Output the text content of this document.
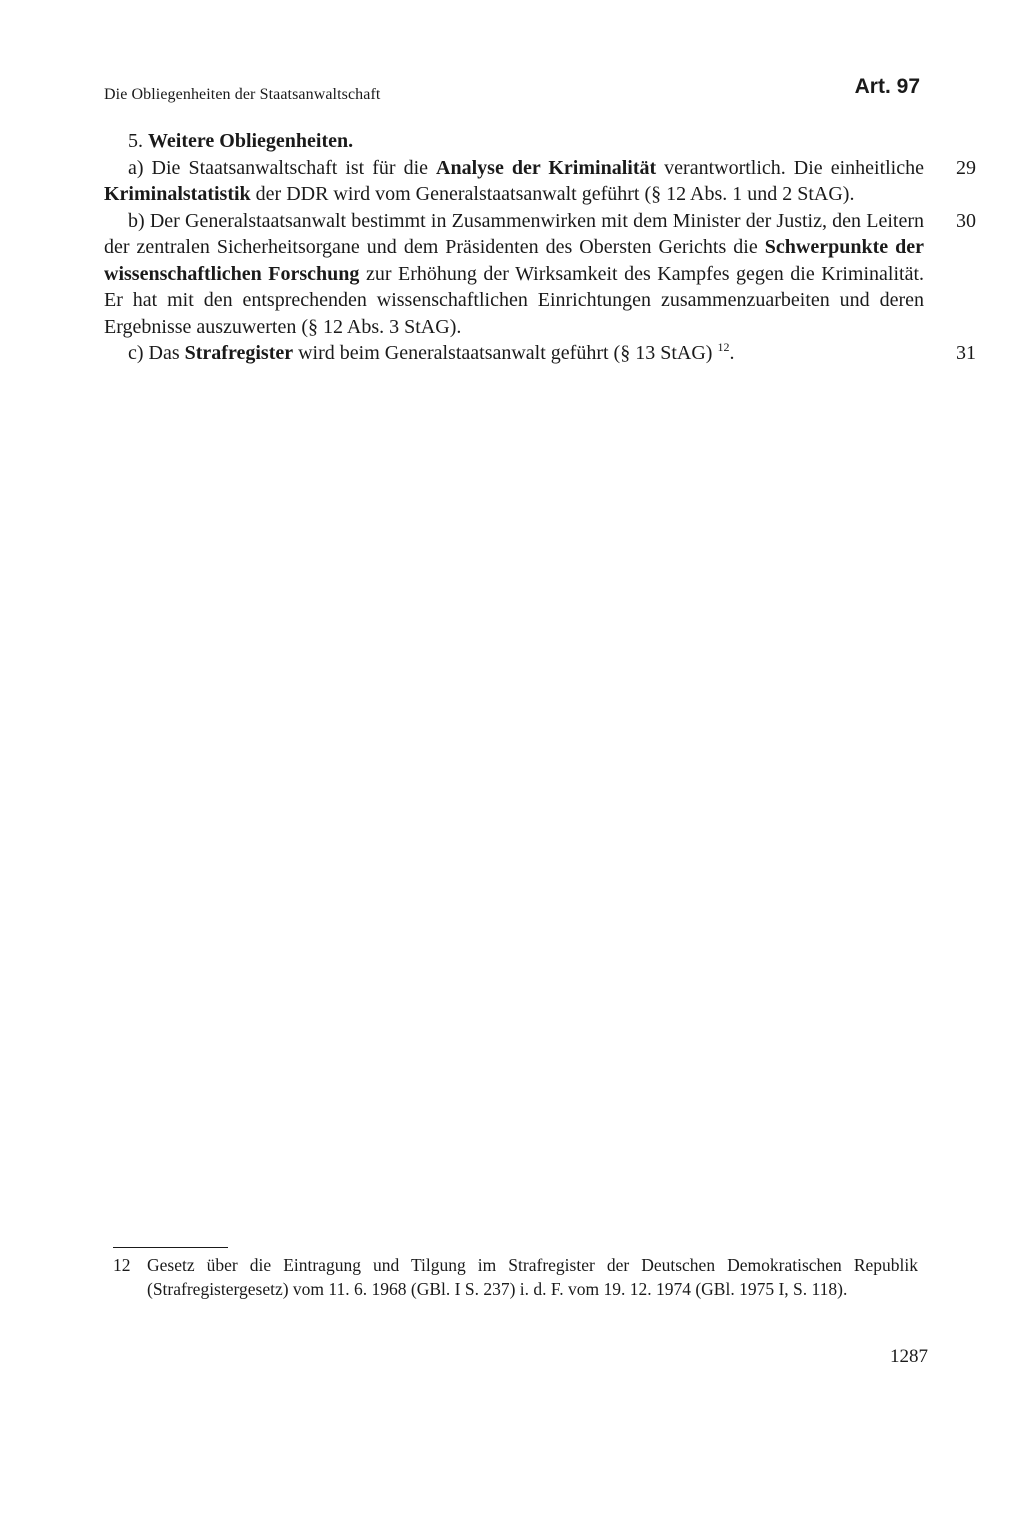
Die Obliegenheiten der Staatsanwaltschaft	Art. 97

5. Weitere Obliegenheiten.

a) Die Staatsanwaltschaft ist für die Analyse der Kriminalität verantwortlich. Die einheitliche Kriminalstatistik der DDR wird vom Generalstaatsanwalt geführt (§ 12 Abs. 1 und 2 StAG).
29

b) Der Generalstaatsanwalt bestimmt in Zusammenwirken mit dem Minister der Justiz, den Leitern der zentralen Sicherheitsorgane und dem Präsidenten des Obersten Gerichts die Schwerpunkte der wissenschaftlichen Forschung zur Erhöhung der Wirksamkeit des Kampfes gegen die Kriminalität. Er hat mit den entsprechenden wissenschaftlichen Einrichtungen zusammenzuarbeiten und deren Ergebnisse auszuwerten (§ 12 Abs. 3 StAG).
30

c) Das Strafregister wird beim Generalstaatsanwalt geführt (§ 13 StAG) $^{12}$.	31

12 Gesetz über die Eintragung und Tilgung im Strafregister der Deutschen Demokratischen Republik (Strafregistergesetz) vom 11. 6. 1968 (GBl. I S. 237) i. d. F. vom 19. 12. 1974 (GBl. 1975 I, S. 118).
1287
